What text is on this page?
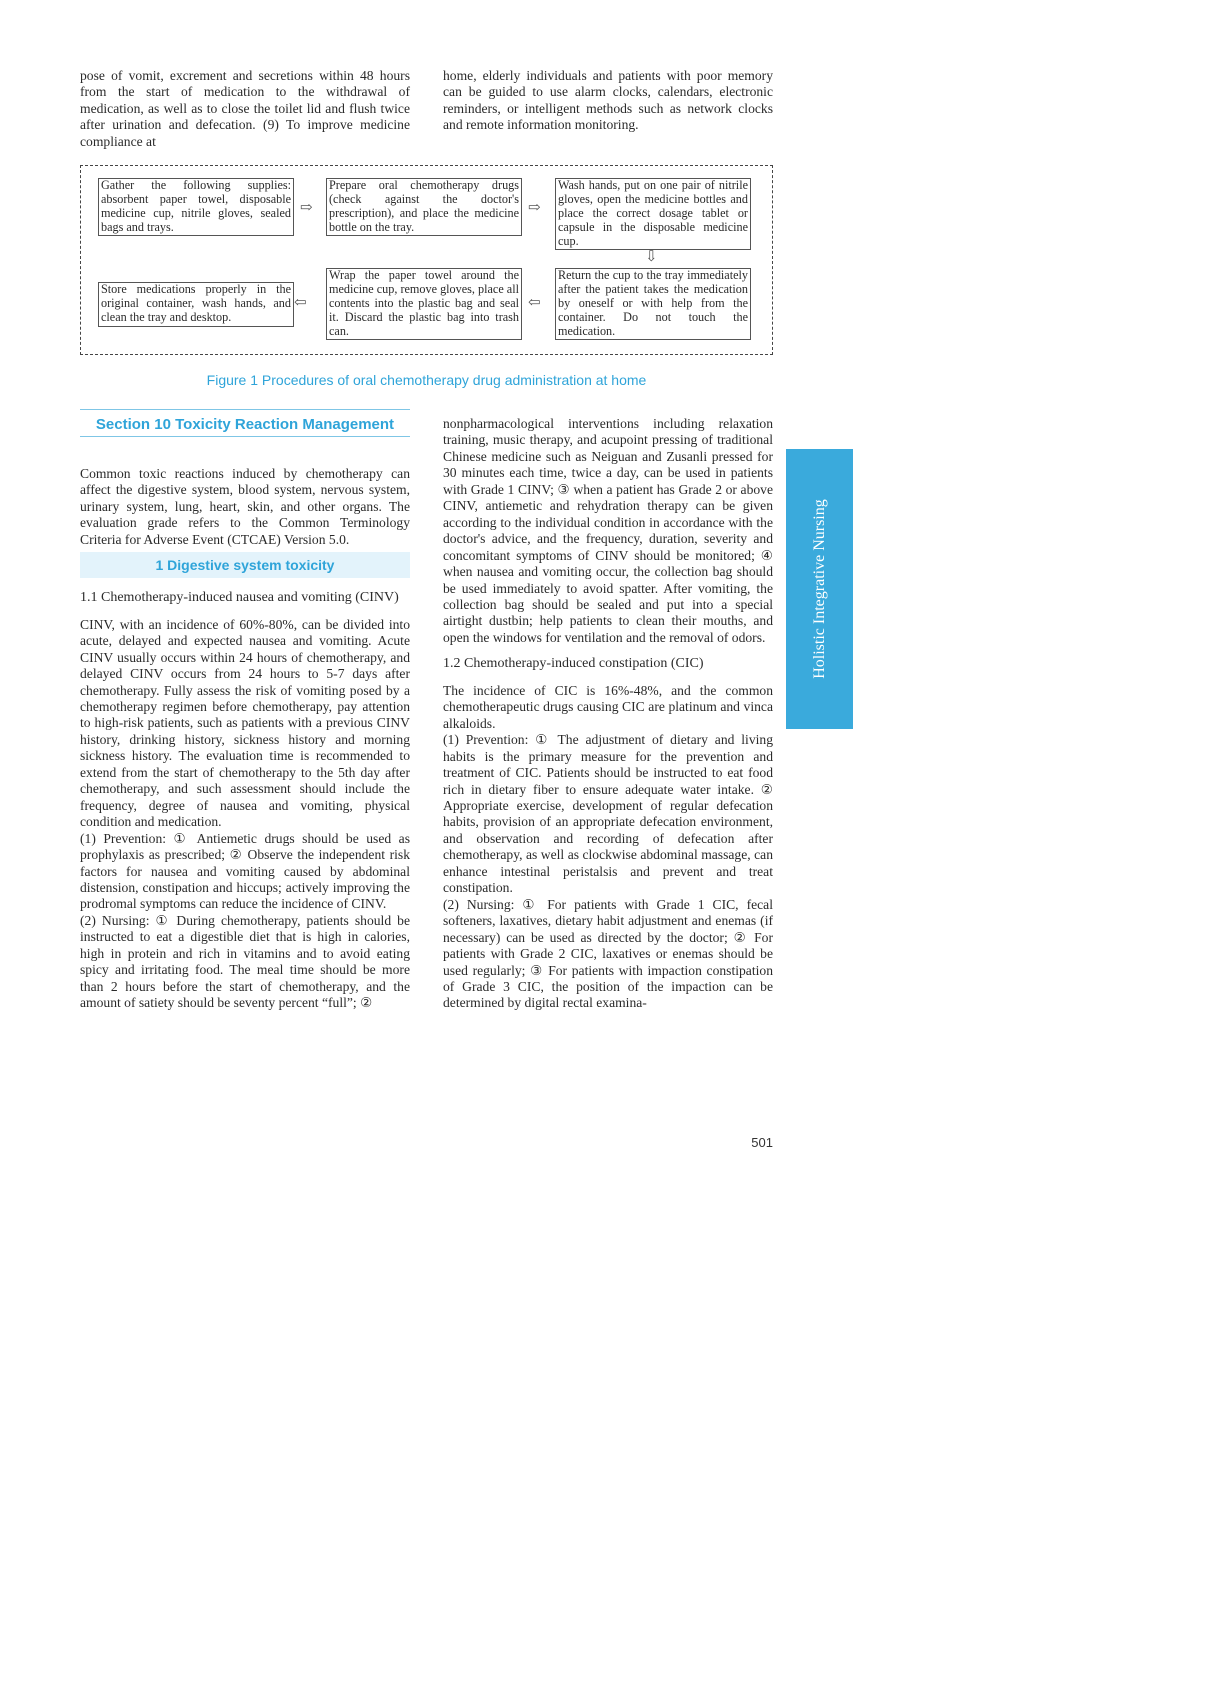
pose of vomit, excrement and secretions within 48 hours from the start of medication to the withdrawal of medication, as well as to close the toilet lid and flush twice after urination and defecation. (9) To improve medicine compliance at

home, elderly individuals and patients with poor memory can be guided to use alarm clocks, calendars, electronic reminders, or intelligent methods such as network clocks and remote information monitoring.

Gather the following supplies: absorbent paper towel, disposable medicine cup, nitrile gloves, sealed bags and trays.
⇨
Prepare oral chemotherapy drugs (check against the doctor's prescription), and place the medicine bottle on the tray.
⇨
Wash hands, put on one pair of nitrile gloves, open the medicine bottles and place the correct dosage tablet or capsule in the disposable medicine cup.
⇩
Return the cup to the tray immediately after the patient takes the medication by oneself or with help from the container. Do not touch the medication.
⇦
Wrap the paper towel around the medicine cup, remove gloves, place all contents into the plastic bag and seal it. Discard the plastic bag into trash can.
⇦
Store medications properly in the original container, wash hands, and clean the tray and desktop.
Figure 1 Procedures of oral chemotherapy drug administration at home
Section 10 Toxicity Reaction Management

Common toxic reactions induced by chemotherapy can affect the digestive system, blood system, nervous system, urinary system, lung, heart, skin, and other organs. The evaluation grade refers to the Common Terminology Criteria for Adverse Event (CTCAE) Version 5.0.

1 Digestive system toxicity

1.1 Chemotherapy-induced nausea and vomiting (CINV)

CINV, with an incidence of 60%-80%, can be divided into acute, delayed and expected nausea and vomiting. Acute CINV usually occurs within 24 hours of chemotherapy, and delayed CINV occurs from 24 hours to 5-7 days after chemotherapy. Fully assess the risk of vomiting posed by a chemotherapy regimen before chemotherapy, pay attention to high-risk patients, such as patients with a previous CINV history, drinking history, sickness history and morning sickness history. The evaluation time is recommended to extend from the start of chemotherapy to the 5th day after chemotherapy, and such assessment should include the frequency, degree of nausea and vomiting, physical condition and medication.

(1) Prevention: ① Antiemetic drugs should be used as prophylaxis as prescribed; ② Observe the independent risk factors for nausea and vomiting caused by abdominal distension, constipation and hiccups; actively improving the prodromal symptoms can reduce the incidence of CINV.

(2) Nursing: ① During chemotherapy, patients should be instructed to eat a digestible diet that is high in calories, high in protein and rich in vitamins and to avoid eating spicy and irritating food. The meal time should be more than 2 hours before the start of chemotherapy, and the amount of satiety should be seventy percent “full”; ②

nonpharmacological interventions including relaxation training, music therapy, and acupoint pressing of traditional Chinese medicine such as Neiguan and Zusanli pressed for 30 minutes each time, twice a day, can be used in patients with Grade 1 CINV; ③ when a patient has Grade 2 or above CINV, antiemetic and rehydration therapy can be given according to the individual condition in accordance with the doctor's advice, and the frequency, duration, severity and concomitant symptoms of CINV should be monitored; ④ when nausea and vomiting occur, the collection bag should be used immediately to avoid spatter. After vomiting, the collection bag should be sealed and put into a special airtight dustbin; help patients to clean their mouths, and open the windows for ventilation and the removal of odors.

1.2 Chemotherapy-induced constipation (CIC)

The incidence of CIC is 16%-48%, and the common chemotherapeutic drugs causing CIC are platinum and vinca alkaloids.

(1) Prevention: ① The adjustment of dietary and living habits is the primary measure for the prevention and treatment of CIC. Patients should be instructed to eat food rich in dietary fiber to ensure adequate water intake. ② Appropriate exercise, development of regular defecation habits, provision of an appropriate defecation environment, and observation and recording of defecation after chemotherapy, as well as clockwise abdominal massage, can enhance intestinal peristalsis and prevent and treat constipation.

(2) Nursing: ① For patients with Grade 1 CIC, fecal softeners, laxatives, dietary habit adjustment and enemas (if necessary) can be used as directed by the doctor; ② For patients with Grade 2 CIC, laxatives or enemas should be used regularly; ③ For patients with impaction constipation of Grade 3 CIC, the position of the impaction can be determined by digital rectal examina-

Holistic Integrative Nursing
501
